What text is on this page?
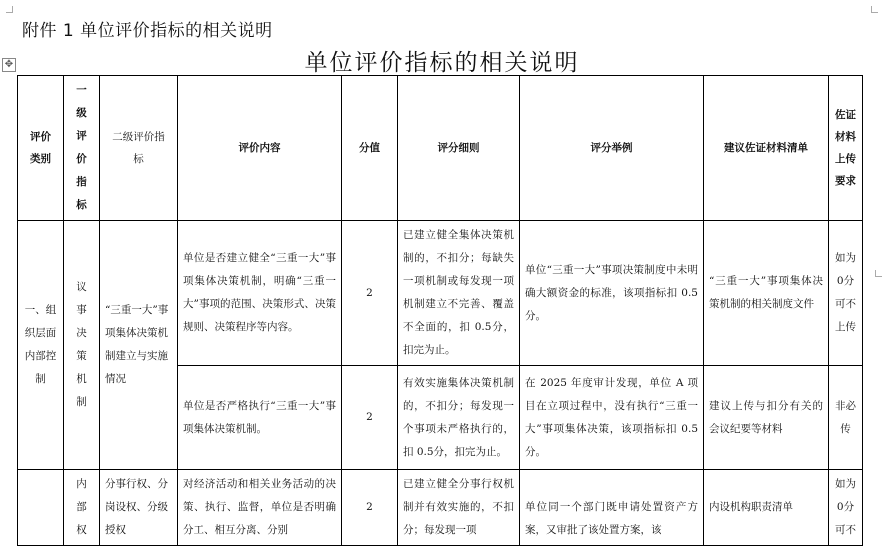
附件 1 单位评价指标的相关说明
单位评价指标的相关说明
✥
评价类别	一级评价指标	二级评价指标	评价内容	分值	评分细则	评分举例	建议佐证材料清单	佐证材料上传要求
一、组织层面内部控制	议事决策机制	“三重一大”事项集体决策机制建立与实施情况	单位是否建立健全“三重一大”事项集体决策机制，明确“三重一大”事项的范围、决策形式、决策规则、决策程序等内容。	2	已建立健全集体决策机制的，不扣分；每缺失一项机制或每发现一项机制建立不完善、覆盖不全面的，扣 0.5分，扣完为止。	单位“三重一大”事项决策制度中未明确大额资金的标准，该项指标扣 0.5分。	“三重一大”事项集体决策机制的相关制度文件	如为0分可不上传
			单位是否严格执行“三重一大”事项集体决策机制。	2	有效实施集体决策机制的，不扣分；每发现一个事项未严格执行的，扣 0.5分，扣完为止。	在 2025 年度审计发现，单位 A 项目在立项过程中，没有执行“三重一大”事项集体决策，该项指标扣 0.5分。	建议上传与扣分有关的会议纪要等材料	非必传
	内部权	分事行权、分岗设权、分级授权	对经济活动和相关业务活动的决策、执行、监督，单位是否明确分工、相互分离、分别	2	已建立健全分事行权机制并有效实施的，不扣分；每发现一项	单位同一个部门既申请处置资产方案，又审批了该处置方案，该	内设机构职责清单	如为0分可不
